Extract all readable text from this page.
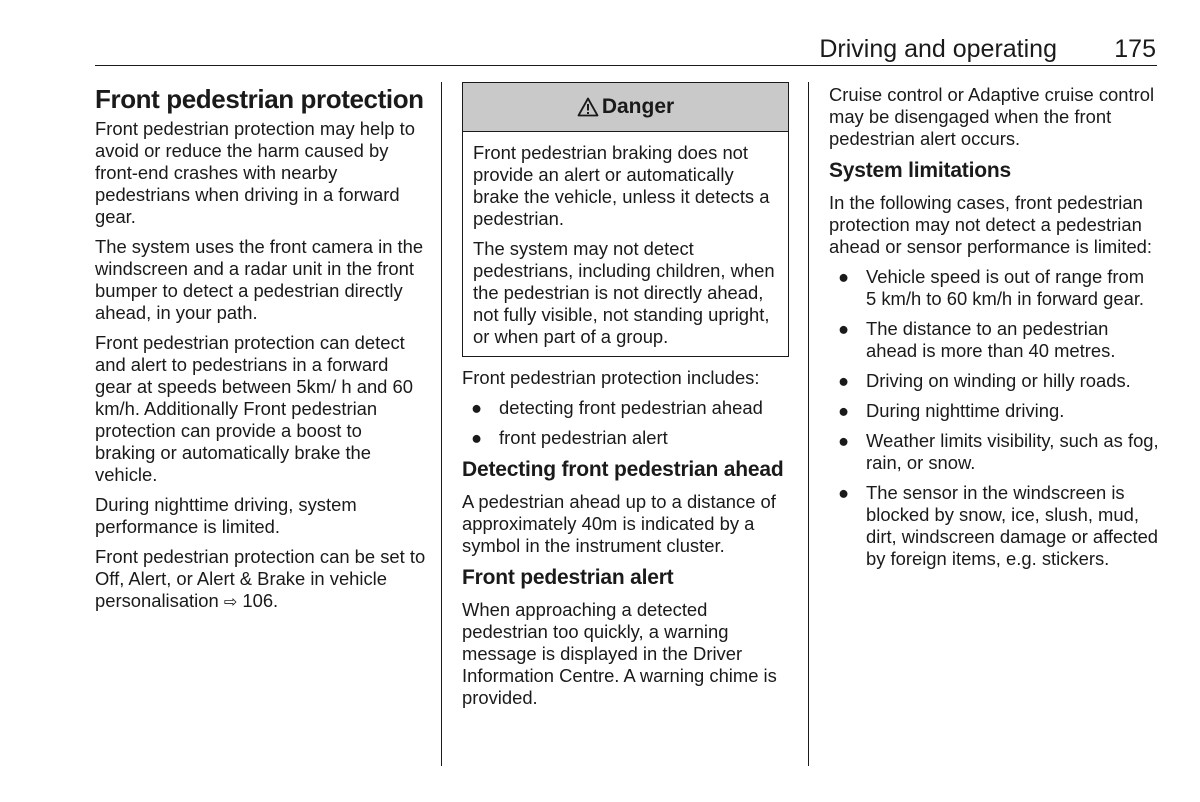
Driving and operating	175
Front pedestrian protection

Front pedestrian protection may help to avoid or reduce the harm caused by front-end crashes with nearby pedestrians when driving in a forward gear.

The system uses the front camera in the windscreen and a radar unit in the front bumper to detect a pedestrian directly ahead, in your path.

Front pedestrian protection can detect and alert to pedestrians in a forward gear at speeds between 5km/ h and 60 km/h. Additionally Front pedestrian protection can provide a boost to braking or automatically brake the vehicle.

During nighttime driving, system performance is limited.

Front pedestrian protection can be set to Off, Alert, or Alert & Brake in vehicle personalisation ⇨ 106.

Danger

Front pedestrian braking does not provide an alert or automatically brake the vehicle, unless it detects a pedestrian.

The system may not detect pedestrians, including children, when the pedestrian is not directly ahead, not fully visible, not standing upright, or when part of a group.

Front pedestrian protection includes:

● detecting front pedestrian ahead
● front pedestrian alert
Detecting front pedestrian ahead

A pedestrian ahead up to a distance of approximately 40m is indicated by a symbol in the instrument cluster.

Front pedestrian alert

When approaching a detected pedestrian too quickly, a warning message is displayed in the Driver Information Centre. A warning chime is provided.

Cruise control or Adaptive cruise control may be disengaged when the front pedestrian alert occurs.

System limitations

In the following cases, front pedestrian protection may not detect a pedestrian ahead or sensor performance is limited:

● Vehicle speed is out of range from 5 km/h to 60 km/h in forward gear.
● The distance to an pedestrian ahead is more than 40 metres.
● Driving on winding or hilly roads.
● During nighttime driving.
● Weather limits visibility, such as fog, rain, or snow.
● The sensor in the windscreen is blocked by snow, ice, slush, mud, dirt, windscreen damage or affected by foreign items, e.g. stickers.
